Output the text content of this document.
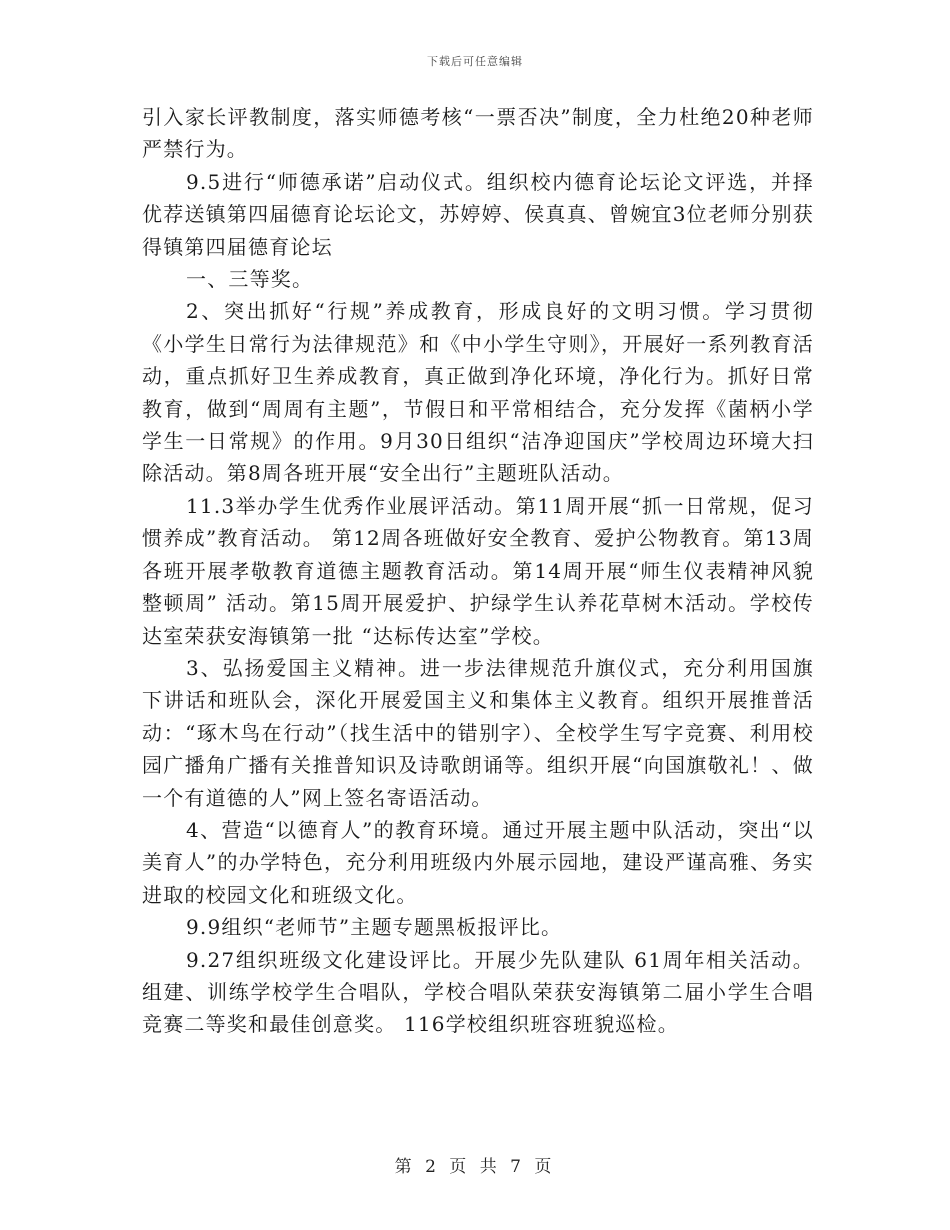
下载后可任意编辑

引入家长评教制度，落实师德考核“一票否决”制度，全力杜绝20种老师严禁行为。

9.5进行“师德承诺”启动仪式。组织校内德育论坛论文评选，并择优荐送镇第四届德育论坛论文，苏婷婷、侯真真、曾婉宜3位老师分别获得镇第四届德育论坛

一、三等奖。

2、突出抓好“行规”养成教育，形成良好的文明习惯。学习贯彻《小学生日常行为法律规范》和《中小学生守则》，开展好一系列教育活动，重点抓好卫生养成教育，真正做到净化环境，净化行为。抓好日常教育，做到“周周有主题”，节假日和平常相结合，充分发挥《菌柄小学学生一日常规》的作用。9月30日组织“洁净迎国庆”学校周边环境大扫除活动。第8周各班开展“安全出行”主题班队活动。

11.3举办学生优秀作业展评活动。第11周开展“抓一日常规，促习惯养成”教育活动。 第12周各班做好安全教育、爱护公物教育。第13周各班开展孝敬教育道德主题教育活动。第14周开展“师生仪表精神风貌整顿周” 活动。第15周开展爱护、护绿学生认养花草树木活动。学校传达室荣获安海镇第一批 “达标传达室”学校。

3、弘扬爱国主义精神。进一步法律规范升旗仪式，充分利用国旗下讲话和班队会，深化开展爱国主义和集体主义教育。组织开展推普活动：“琢木鸟在行动”（找生活中的错别字）、全校学生写字竞赛、利用校园广播角广播有关推普知识及诗歌朗诵等。组织开展“向国旗敬礼！、做一个有道德的人”网上签名寄语活动。

4、营造“以德育人”的教育环境。通过开展主题中队活动，突出“以美育人”的办学特色，充分利用班级内外展示园地，建设严谨高雅、务实进取的校园文化和班级文化。

9.9组织“老师节”主题专题黑板报评比。

9.27组织班级文化建设评比。开展少先队建队 61周年相关活动。组建、训练学校学生合唱队，学校合唱队荣获安海镇第二届小学生合唱竞赛二等奖和最佳创意奖。 116学校组织班容班貌巡检。

第 2 页 共 7 页
